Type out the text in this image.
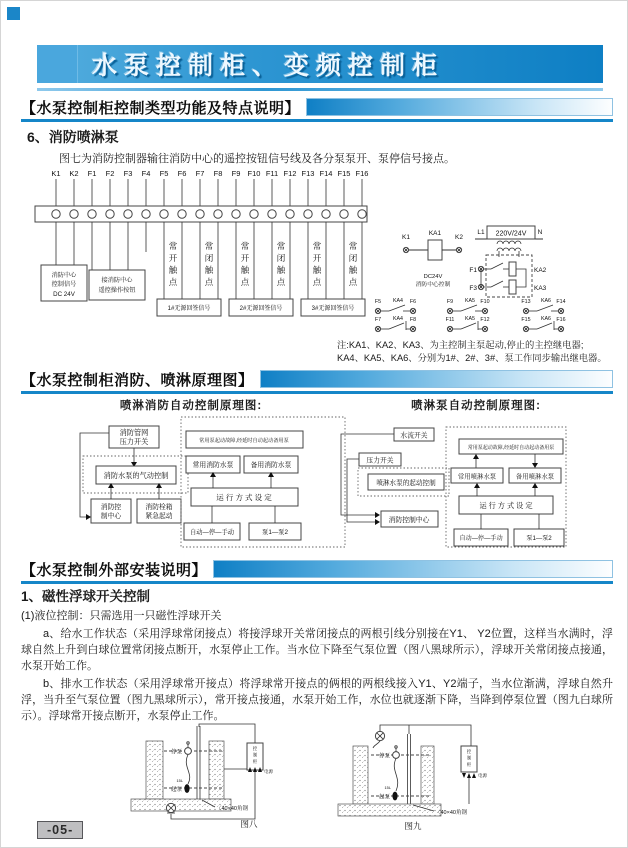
水泵控制柜、变频控制柜
【水泵控制柜控制类型功能及特点说明】
6、消防喷淋泵
图七为消防控制器输往消防中心的遥控按钮信号线及各分泵泵开、泵停信号接点。
K1 K2 F1 F2 F3 F4 F5 F6 F7 F8 F9 F10 F11 F12 F13 F14 F15 F16
消防中心
控制信号
DC 24V
接消防中心
遥控操作按钮
常
开
触
点
常
闭
触
点
常
开
触
点
常
闭
触
点
常
开
触
点
常
闭
触
点
1#无源回签信号	2#无源回签信号	3#无源回签信号
K1
KA1
K2
DC24V
消防中心控制
L1 220V/24V N
F1	KA2
F3	KA3
F5 KA4 F6
F7 KA4 F8
F9 KA5 F10
F11 KA5 F12
F13 KA6 F14
F15 KA6 F16
注:KA1、KA2、KA3、为主控制主泵起动,停止的主控继电器;
KA4、KA5、KA6、分别为1#、2#、3#、泵工作同步输出继电器。
【水泵控制柜消防、喷淋原理图】
喷淋消防自动控制原理图:	喷淋泵自动控制原理图:
消防管网
压力开关
消防水泵的气动控制
消防控
制中心
消防栓箱
紧急起动
常用泵起动故障,经延时自动起动备用泵
常用消防水泵	备用消防水泵
运 行 方 式 设 定
自动—停—手动	泵1—泵2
水流开关
压力开关
喷淋水泵的起动控制
消防控制中心
常用泵起动故障,经延时自动起动备用泵
常用喷淋水泵	备用喷淋水泵
运 行 方 式 设 定
自动—停—手动	泵1—泵2
【水泵控制外部安装说明】
1、磁性浮球开关控制
(1)液位控制：只需选用一只磁性浮球开关
a、给水工作状态（采用浮球常闭接点）将接浮球开关常闭接点的两根引线分别接在Y1、 Y2位置，这样当水满时，浮球自然上升到白球位置常闭接点断开，水泵停止工作。当水位下降至气泵位置（图八黑球所示），浮球开关常闭接点接通，水泵开始工作。
b、排水工作状态（采用浮球常开接点）将浮球常开接点的俩根的两根线接入Y1、Y2端子，当水位渐满，浮球自然升浮，当升至气泵位置（图九黑球所示），常开接点接通，水泵开始工作，水位也就逐渐下降，当降到停泵位置（图九白球所示）。浮球常开接点断开，水泵停止工作。
控
制
柜
电源
停泵
起泵
15L
〈40×40角钢
图八
控
制
柜
电源
停泵
起泵
15L
〈40×40角钢
图九
-05-
